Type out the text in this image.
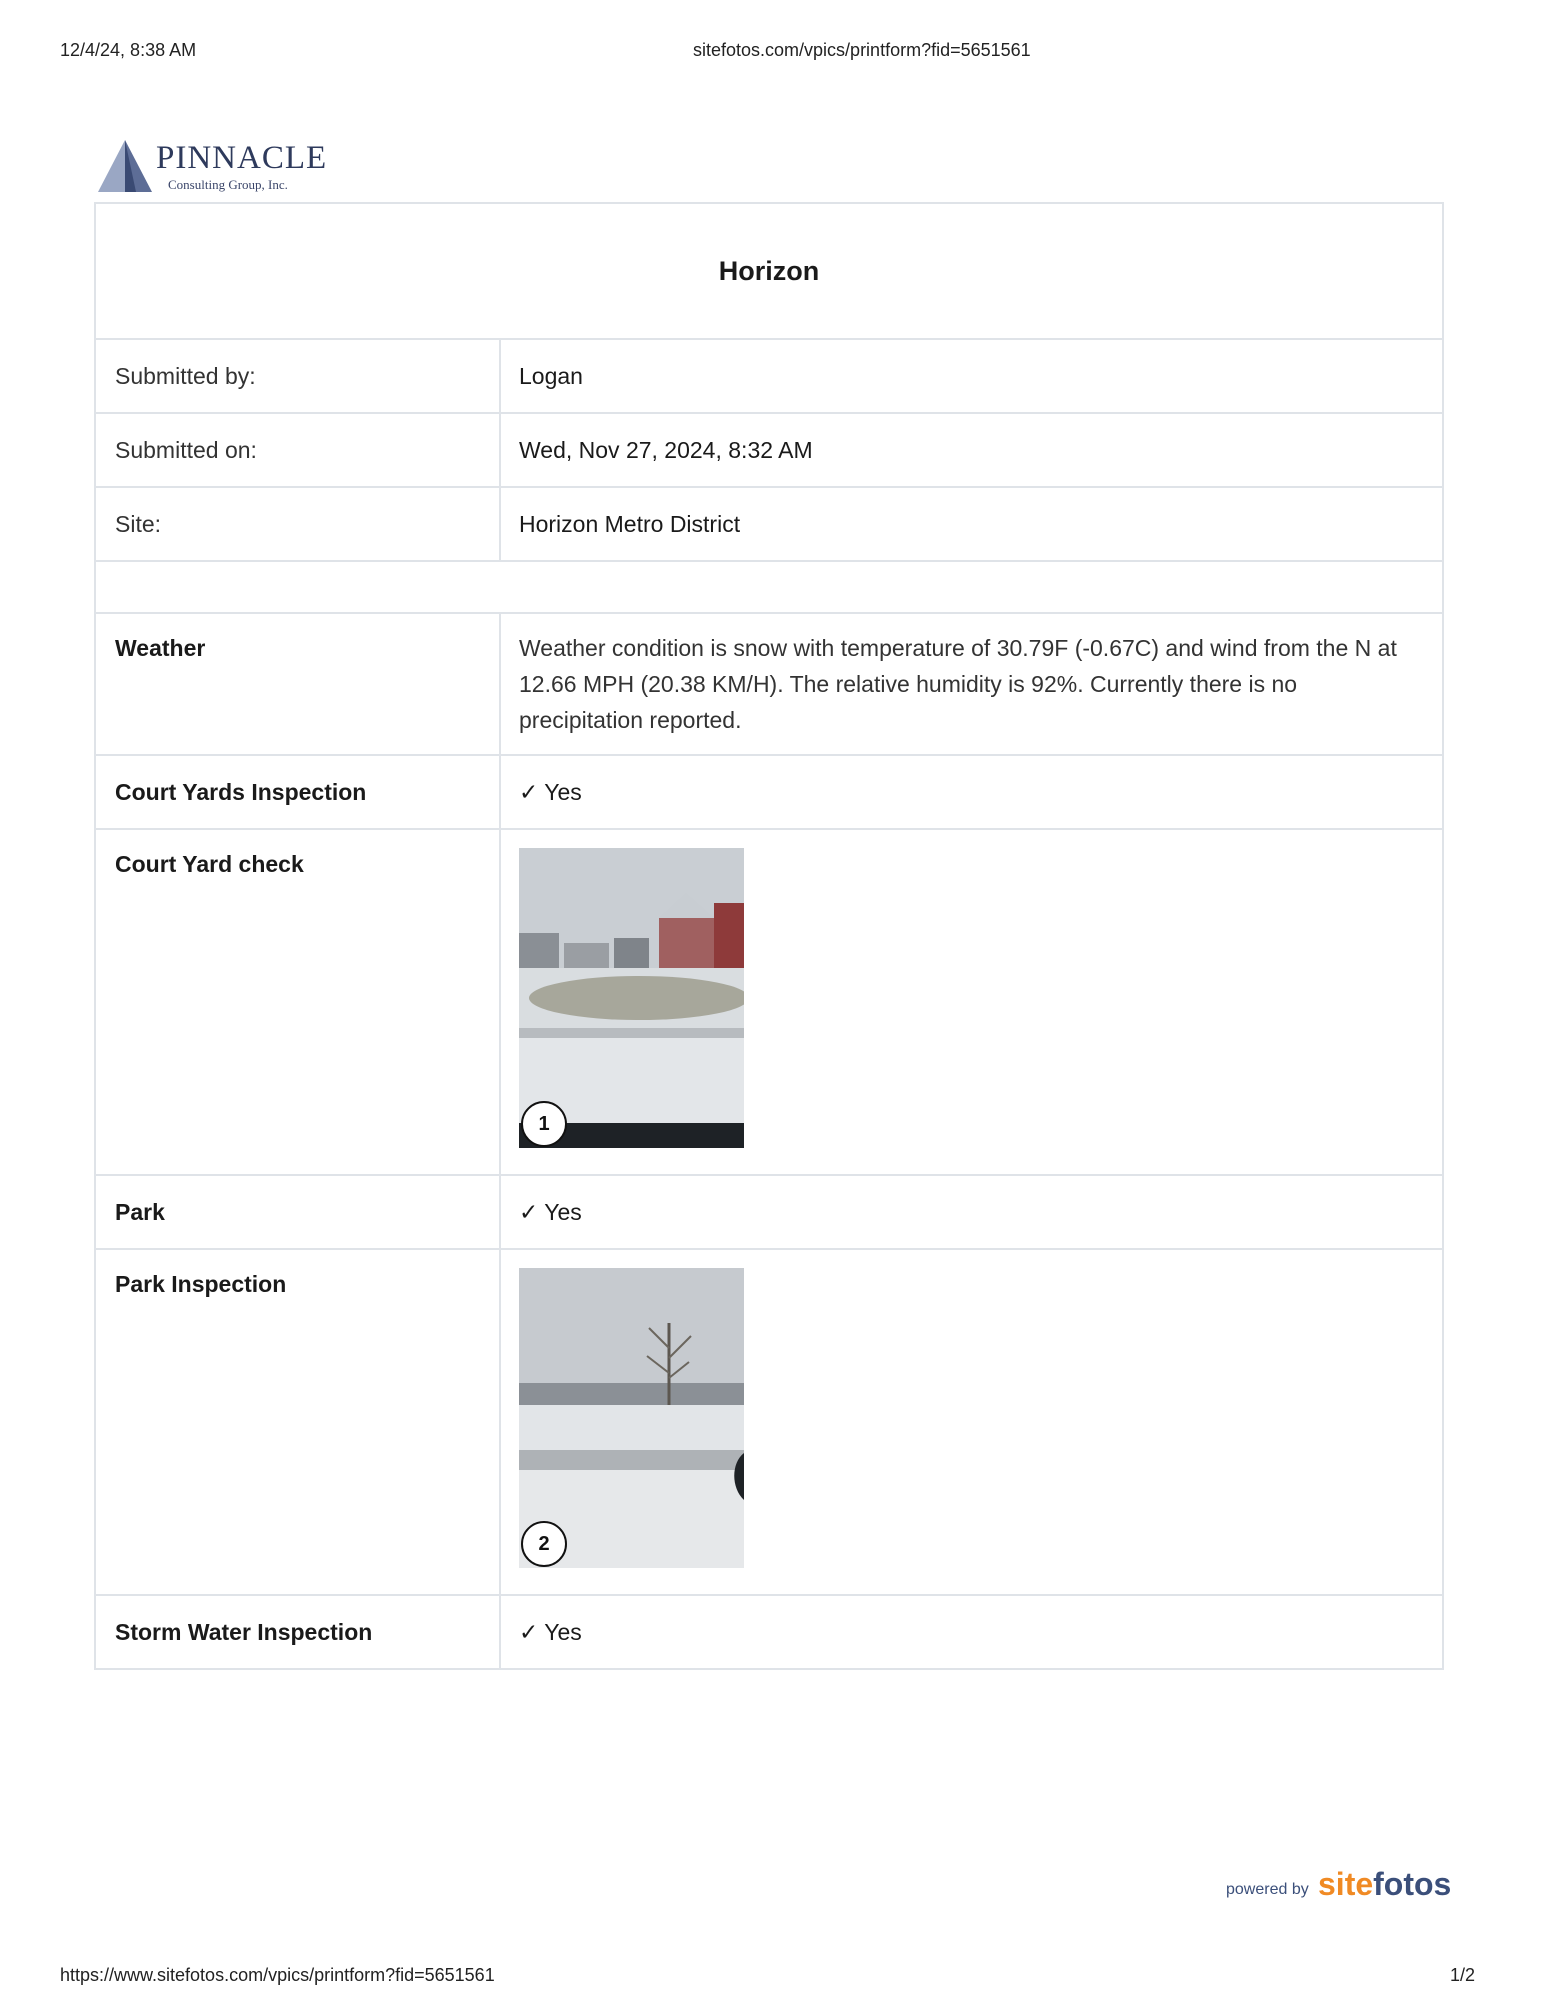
12/4/24, 8:38 AM	sitefotos.com/vpics/printform?fid=5651561
PINNACLE
Consulting Group, Inc.
Horizon
Submitted by:	Logan
Submitted on:	Wed, Nov 27, 2024, 8:32 AM
Site:	Horizon Metro District
Weather	Weather condition is snow with temperature of 30.79F (-0.67C) and wind from the N at 12.66 MPH (20.38 KM/H). The relative humidity is 92%. Currently there is no precipitation reported.
Court Yards Inspection	✓ Yes
Court Yard check
1
Park	✓ Yes
Park Inspection
2
Storm Water Inspection	✓ Yes
powered by sitefotos
https://www.sitefotos.com/vpics/printform?fid=5651561	1/2
